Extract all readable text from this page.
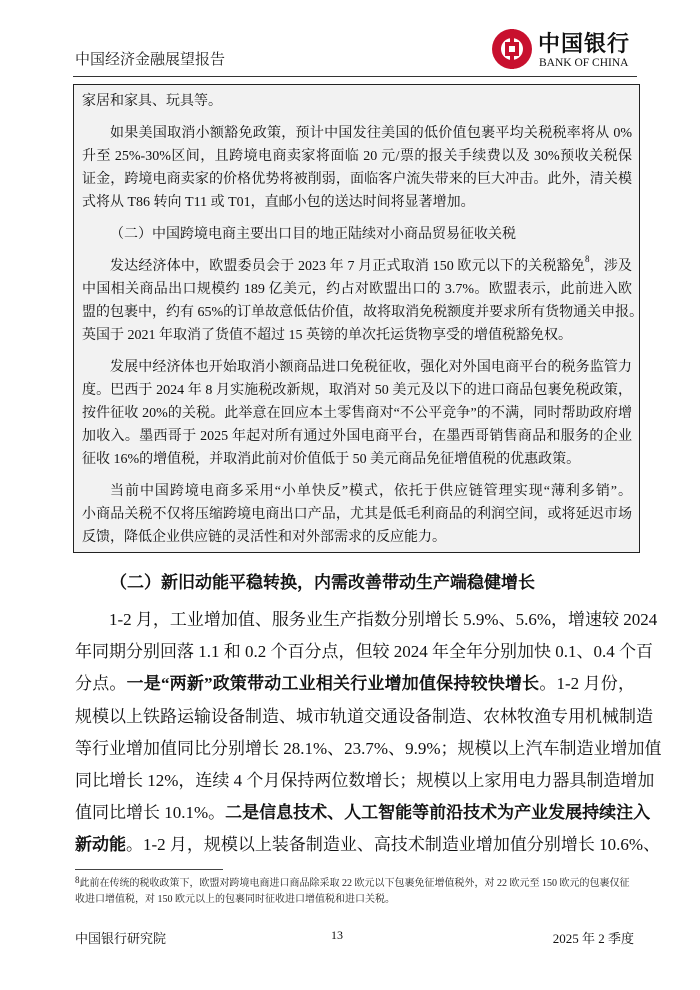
中国经济金融展望报告
中国银行
BANK OF CHINA
家居和家具、玩具等。
如果美国取消小额豁免政策，预计中国发往美国的低价值包裹平均关税税率将从 0%
升至 25%-30%区间，且跨境电商卖家将面临 20 元/票的报关手续费以及 30%预收关税保
证金，跨境电商卖家的价格优势将被削弱，面临客户流失带来的巨大冲击。此外，清关模
式将从 T86 转向 T11 或 T01，直邮小包的送达时间将显著增加。
（二）中国跨境电商主要出口目的地正陆续对小商品贸易征收关税
发达经济体中，欧盟委员会于 2023 年 7 月正式取消 150 欧元以下的关税豁免$^8$，涉及
中国相关商品出口规模约 189 亿美元，约占对欧盟出口的 3.7%。欧盟表示，此前进入欧
盟的包裹中，约有 65%的订单故意低估价值，故将取消免税额度并要求所有货物通关申报。
英国于 2021 年取消了货值不超过 15 英镑的单次托运货物享受的增值税豁免权。
发展中经济体也开始取消小额商品进口免税征收，强化对外国电商平台的税务监管力
度。巴西于 2024 年 8 月实施税改新规，取消对 50 美元及以下的进口商品包裹免税政策，
按件征收 20%的关税。此举意在回应本土零售商对“不公平竞争”的不满，同时帮助政府增
加收入。墨西哥于 2025 年起对所有通过外国电商平台，在墨西哥销售商品和服务的企业
征收 16%的增值税，并取消此前对价值低于 50 美元商品免征增值税的优惠政策。
当前中国跨境电商多采用“小单快反”模式，依托于供应链管理实现“薄利多销”。
小商品关税不仅将压缩跨境电商出口产品，尤其是低毛利商品的利润空间，或将延迟市场
反馈，降低企业供应链的灵活性和对外部需求的反应能力。
（二）新旧动能平稳转换，内需改善带动生产端稳健增长
1-2 月，工业增加值、服务业生产指数分别增长 5.9%、5.6%，增速较 2024
年同期分别回落 1.1 和 0.2 个百分点，但较 2024 年全年分别加快 0.1、0.4 个百
分点。一是“两新”政策带动工业相关行业增加值保持较快增长。1-2 月份，
规模以上铁路运输设备制造、城市轨道交通设备制造、农林牧渔专用机械制造
等行业增加值同比分别增长 28.1%、23.7%、9.9%；规模以上汽车制造业增加值
同比增长 12%，连续 4 个月保持两位数增长；规模以上家用电力器具制造增加
值同比增长 10.1%。二是信息技术、人工智能等前沿技术为产业发展持续注入
新动能。1-2 月，规模以上装备制造业、高技术制造业增加值分别增长 10.6%、
$^8$此前在传统的税收政策下，欧盟对跨境电商进口商品除采取 22 欧元以下包裹免征增值税外，对 22 欧元至 150 欧元的包裹仅征收进口增值税，对 150 欧元以上的包裹同时征收进口增值税和进口关税。
中国银行研究院	13	2025 年 2 季度
